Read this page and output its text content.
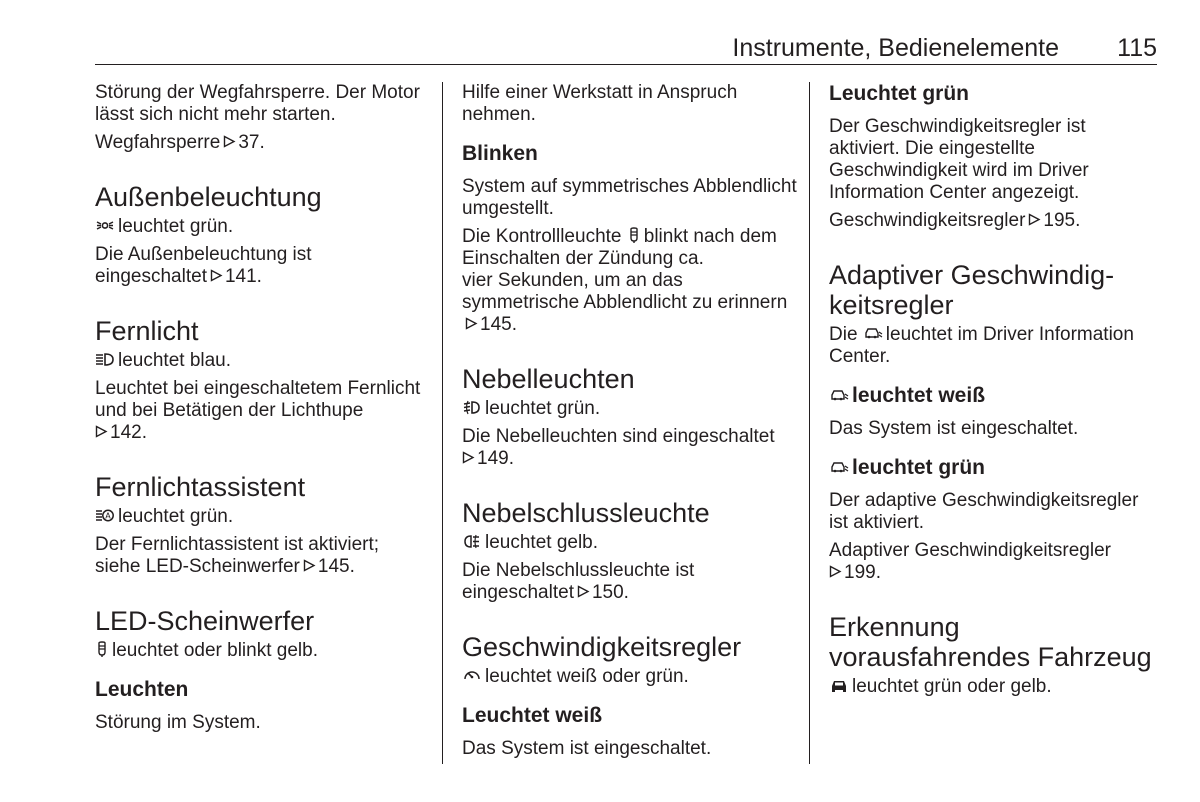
Instrumente, Bedienelemente 115

Störung der Wegfahrsperre. Der Motor lässt sich nicht mehr starten.

Wegfahrsperre 37.

Außenbeleuchtung

leuchtet grün.

Die Außenbeleuchtung ist eingeschaltet 141.

Fernlicht

leuchtet blau.

Leuchtet bei eingeschaltetem Fernlicht und bei Betätigen der Lichthupe

142.

Fernlichtassistent

A leuchtet grün.

Der Fernlichtassistent ist aktiviert; siehe LED-Scheinwerfer 145.

LED-Scheinwerfer

leuchtet oder blinkt gelb.

Leuchten

Störung im System.

Hilfe einer Werkstatt in Anspruch nehmen.

Blinken

System auf symmetrisches Abblendlicht umgestellt.

Die Kontrollleuchte blinkt nach dem Einschalten der Zündung ca.

vier Sekunden, um an das symmetrische Abblendlicht zu erinnern
145.

Nebelleuchten

leuchtet grün.

Die Nebelleuchten sind eingeschaltet

149.

Nebelschlussleuchte

leuchtet gelb.

Die Nebelschlussleuchte ist eingeschaltet 150.

Geschwindigkeitsregler

leuchtet weiß oder grün.

Leuchtet weiß

Das System ist eingeschaltet.

Leuchtet grün

Der Geschwindigkeitsregler ist aktiviert. Die eingestellte Geschwindigkeit wird im Driver Information Center angezeigt.

Geschwindigkeitsregler 195.

Adaptiver Geschwindig-
keitsregler

Die leuchtet im Driver Information Center.

leuchtet weiß

Das System ist eingeschaltet.

leuchtet grün

Der adaptive Geschwindigkeitsregler ist aktiviert.

Adaptiver Geschwindigkeitsregler

199.

Erkennung vorausfahrendes Fahrzeug

leuchtet grün oder gelb.
